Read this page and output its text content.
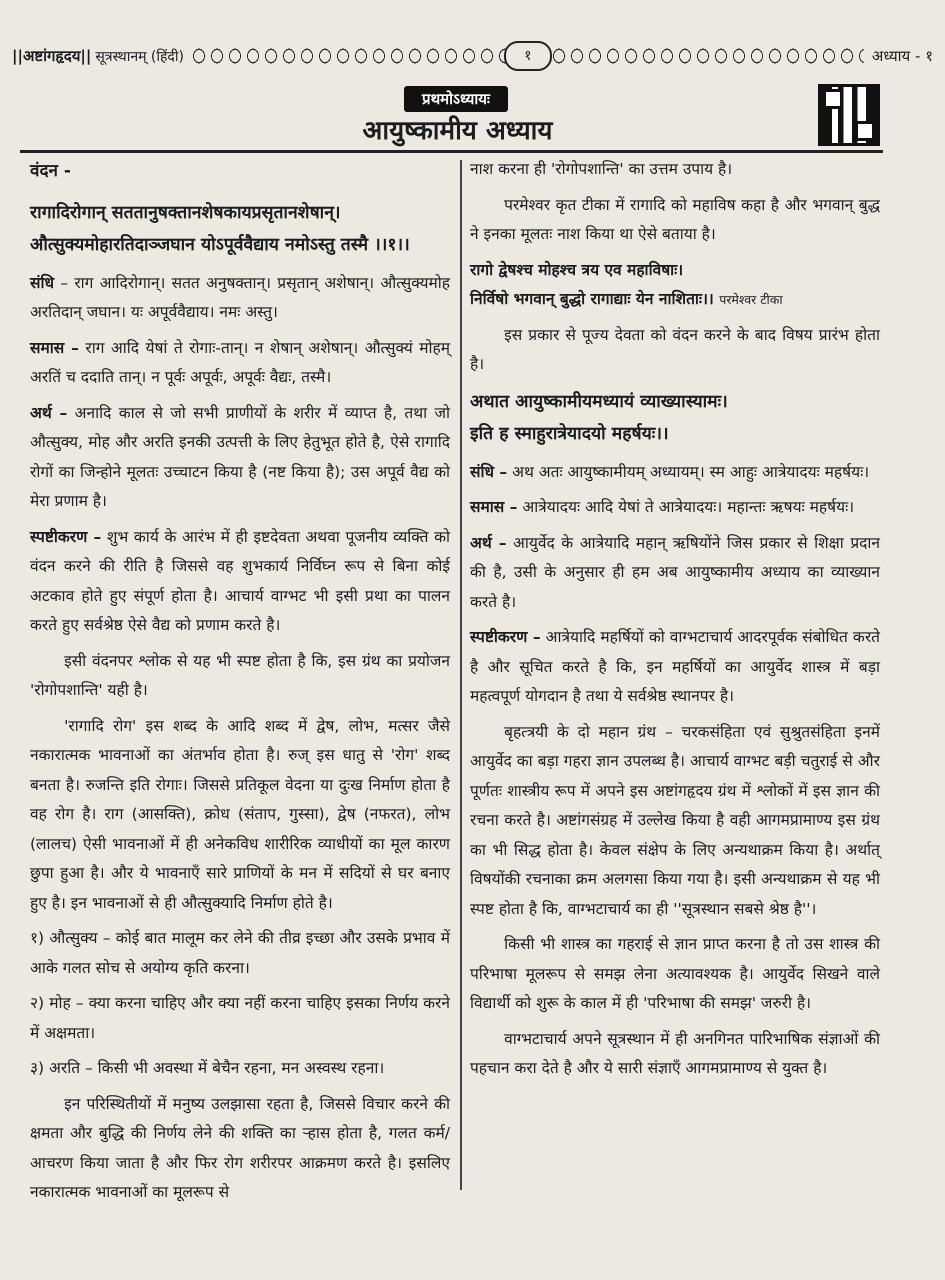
||अष्टांगहृदय|| सूत्रस्थानम् (हिंदी)	१	अध्याय - १
प्रथमोऽध्यायः
आयुष्कामीय अध्याय
वंदन -
रागादिरोगान् सततानुषक्तानशेषकायप्रसृतानशेषान्।
औत्सुक्यमोहारतिदाञ्जघान योऽपूर्ववैद्याय नमोऽस्तु तस्मै ।।१।।

संधि – राग आदिरोगान्। सतत अनुषक्तान्। प्रसृतान् अशेषान्। औत्सुक्यमोह अरतिदान् जघान। यः अपूर्ववैद्याय। नमः अस्तु।

समास – राग आदि येषां ते रोगाः-तान्। न शेषान् अशेषान्। औत्सुक्यं मोहम् अरतिं च ददाति तान्। न पूर्वः अपूर्वः, अपूर्वः वैद्यः, तस्मै।

अर्थ – अनादि काल से जो सभी प्राणीयों के शरीर में व्याप्त है, तथा जो औत्सुक्य, मोह और अरति इनकी उत्पत्ती के लिए हेतुभूत होते है, ऐसे रागादि रोगों का जिन्होने मूलतः उच्चाटन किया है (नष्ट किया है); उस अपूर्व वैद्य को मेरा प्रणाम है।

स्पष्टीकरण – शुभ कार्य के आरंभ में ही इष्टदेवता अथवा पूजनीय व्यक्ति को वंदन करने की रीति है जिससे वह शुभकार्य निर्विघ्न रूप से बिना कोई अटकाव होते हुए संपूर्ण होता है। आचार्य वाग्भट भी इसी प्रथा का पालन करते हुए सर्वश्रेष्ठ ऐसे वैद्य को प्रणाम करते है।

इसी वंदनपर श्लोक से यह भी स्पष्ट होता है कि, इस ग्रंथ का प्रयोजन 'रोगोपशान्ति' यही है।

'रागादि रोग' इस शब्द के आदि शब्द में द्वेष, लोभ, मत्सर जैसे नकारात्मक भावनाओं का अंतर्भाव होता है। रुज् इस धातु से 'रोग' शब्द बनता है। रुजन्ति इति रोगाः। जिससे प्रतिकूल वेदना या दुःख निर्माण होता है वह रोग है। राग (आसक्ति), क्रोध (संताप, गुस्सा), द्वेष (नफरत), लोभ (लालच) ऐसी भावनाओं में ही अनेकविध शारीरिक व्याधीयों का मूल कारण छुपा हुआ है। और ये भावनाएँ सारे प्राणियों के मन में सदियों से घर बनाए हुए है। इन भावनाओं से ही औत्सुक्यादि निर्माण होते है।

१) औत्सुक्य – कोई बात मालूम कर लेने की तीव्र इच्छा और उसके प्रभाव में आके गलत सोच से अयोग्य कृति करना।

२) मोह – क्या करना चाहिए और क्या नहीं करना चाहिए इसका निर्णय करने में अक्षमता।

३) अरति – किसी भी अवस्था में बेचैन रहना, मन अस्वस्थ रहना।

इन परिस्थितीयों में मनुष्य उलझासा रहता है, जिससे विचार करने की क्षमता और बुद्धि की निर्णय लेने की शक्ति का ऱ्हास होता है, गलत कर्म/आचरण किया जाता है और फिर रोग शरीरपर आक्रमण करते है। इसलिए नकारात्मक भावनाओं का मूलरूप से

नाश करना ही 'रोगोपशान्ति' का उत्तम उपाय है।

परमेश्वर कृत टीका में रागादि को महाविष कहा है और भगवान् बुद्ध ने इनका मूलतः नाश किया था ऐसे बताया है।

रागो द्वेषश्च मोहश्च त्रय एव महाविषाः।
निर्विषो भगवान् बुद्धो रागाद्याः येन नाशिताः।। परमेश्वर टीका

इस प्रकार से पूज्य देवता को वंदन करने के बाद विषय प्रारंभ होता है।

अथात आयुष्कामीयमध्यायं व्याख्यास्यामः।
इति ह स्माहुरात्रेयादयो महर्षयः।।

संधि – अथ अतः आयुष्कामीयम् अध्यायम्। स्म आहुः आत्रेयादयः महर्षयः।

समास – आत्रेयादयः आदि येषां ते आत्रेयादयः। महान्तः ऋषयः महर्षयः।

अर्थ – आयुर्वेद के आत्रेयादि महान् ऋषियोंने जिस प्रकार से शिक्षा प्रदान की है, उसी के अनुसार ही हम अब आयुष्कामीय अध्याय का व्याख्यान करते है।

स्पष्टीकरण – आत्रेयादि महर्षियों को वाग्भटाचार्य आदरपूर्वक संबोधित करते है और सूचित करते है कि, इन महर्षियों का आयुर्वेद शास्त्र में बड़ा महत्वपूर्ण योगदान है तथा ये सर्वश्रेष्ठ स्थानपर है।

बृहत्त्रयी के दो महान ग्रंथ – चरकसंहिता एवं सुश्रुतसंहिता इनमें आयुर्वेद का बड़ा गहरा ज्ञान उपलब्ध है। आचार्य वाग्भट बड़ी चतुराई से और पूर्णतः शास्त्रीय रूप में अपने इस अष्टांगहृदय ग्रंथ में श्लोकों में इस ज्ञान की रचना करते है। अष्टांगसंग्रह में उल्लेख किया है वही आगमप्रामाण्य इस ग्रंथ का भी सिद्ध होता है। केवल संक्षेप के लिए अन्यथाक्रम किया है। अर्थात् विषयोंकी रचनाका क्रम अलगसा किया गया है। इसी अन्यथाक्रम से यह भी स्पष्ट होता है कि, वाग्भटाचार्य का ही ''सूत्रस्थान सबसे श्रेष्ठ है''।

किसी भी शास्त्र का गहराई से ज्ञान प्राप्त करना है तो उस शास्त्र की परिभाषा मूलरूप से समझ लेना अत्यावश्यक है। आयुर्वेद सिखने वाले विद्यार्थी को शुरू के काल में ही 'परिभाषा की समझ' जरुरी है।

वाग्भटाचार्य अपने सूत्रस्थान में ही अनगिनत पारिभाषिक संज्ञाओं की पहचान करा देते है और ये सारी संज्ञाएँ आगमप्रामाण्य से युक्त है।
